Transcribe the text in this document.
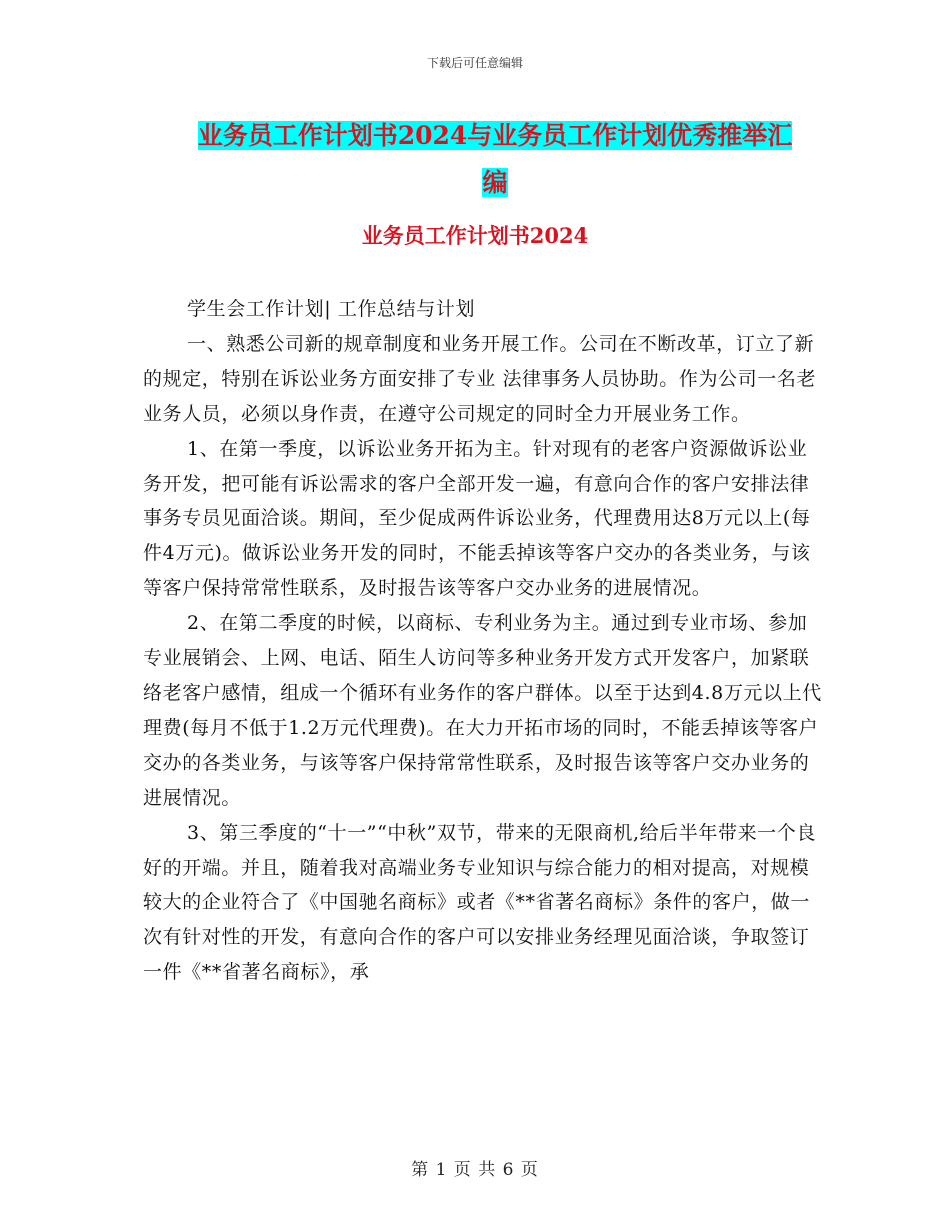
下载后可任意编辑
业务员工作计划书2024与业务员工作计划优秀推举汇
编
业务员工作计划书2024

学生会工作计划| 工作总结与计划

一、熟悉公司新的规章制度和业务开展工作。公司在不断改革，订立了新的规定，特别在诉讼业务方面安排了专业 法律事务人员协助。作为公司一名老业务人员，必须以身作责，在遵守公司规定的同时全力开展业务工作。

1、在第一季度，以诉讼业务开拓为主。针对现有的老客户资源做诉讼业务开发，把可能有诉讼需求的客户全部开发一遍，有意向合作的客户安排法律事务专员见面洽谈。期间，至少促成两件诉讼业务，代理费用达8万元以上(每件4万元)。做诉讼业务开发的同时，不能丢掉该等客户交办的各类业务，与该等客户保持常常性联系，及时报告该等客户交办业务的进展情况。

2、在第二季度的时候，以商标、专利业务为主。通过到专业市场、参加专业展销会、上网、电话、陌生人访问等多种业务开发方式开发客户，加紧联络老客户感情，组成一个循环有业务作的客户群体。以至于达到4.8万元以上代理费(每月不低于1.2万元代理费)。在大力开拓市场的同时，不能丢掉该等客户交办的各类业务，与该等客户保持常常性联系，及时报告该等客户交办业务的进展情况。

3、第三季度的“十一”“中秋”双节，带来的无限商机,给后半年带来一个良好的开端。并且，随着我对高端业务专业知识与综合能力的相对提高，对规模较大的企业符合了《中国驰名商标》或者《**省著名商标》条件的客户，做一次有针对性的开发，有意向合作的客户可以安排业务经理见面洽谈，争取签订一件《**省著名商标》，承

第 1 页 共 6 页
